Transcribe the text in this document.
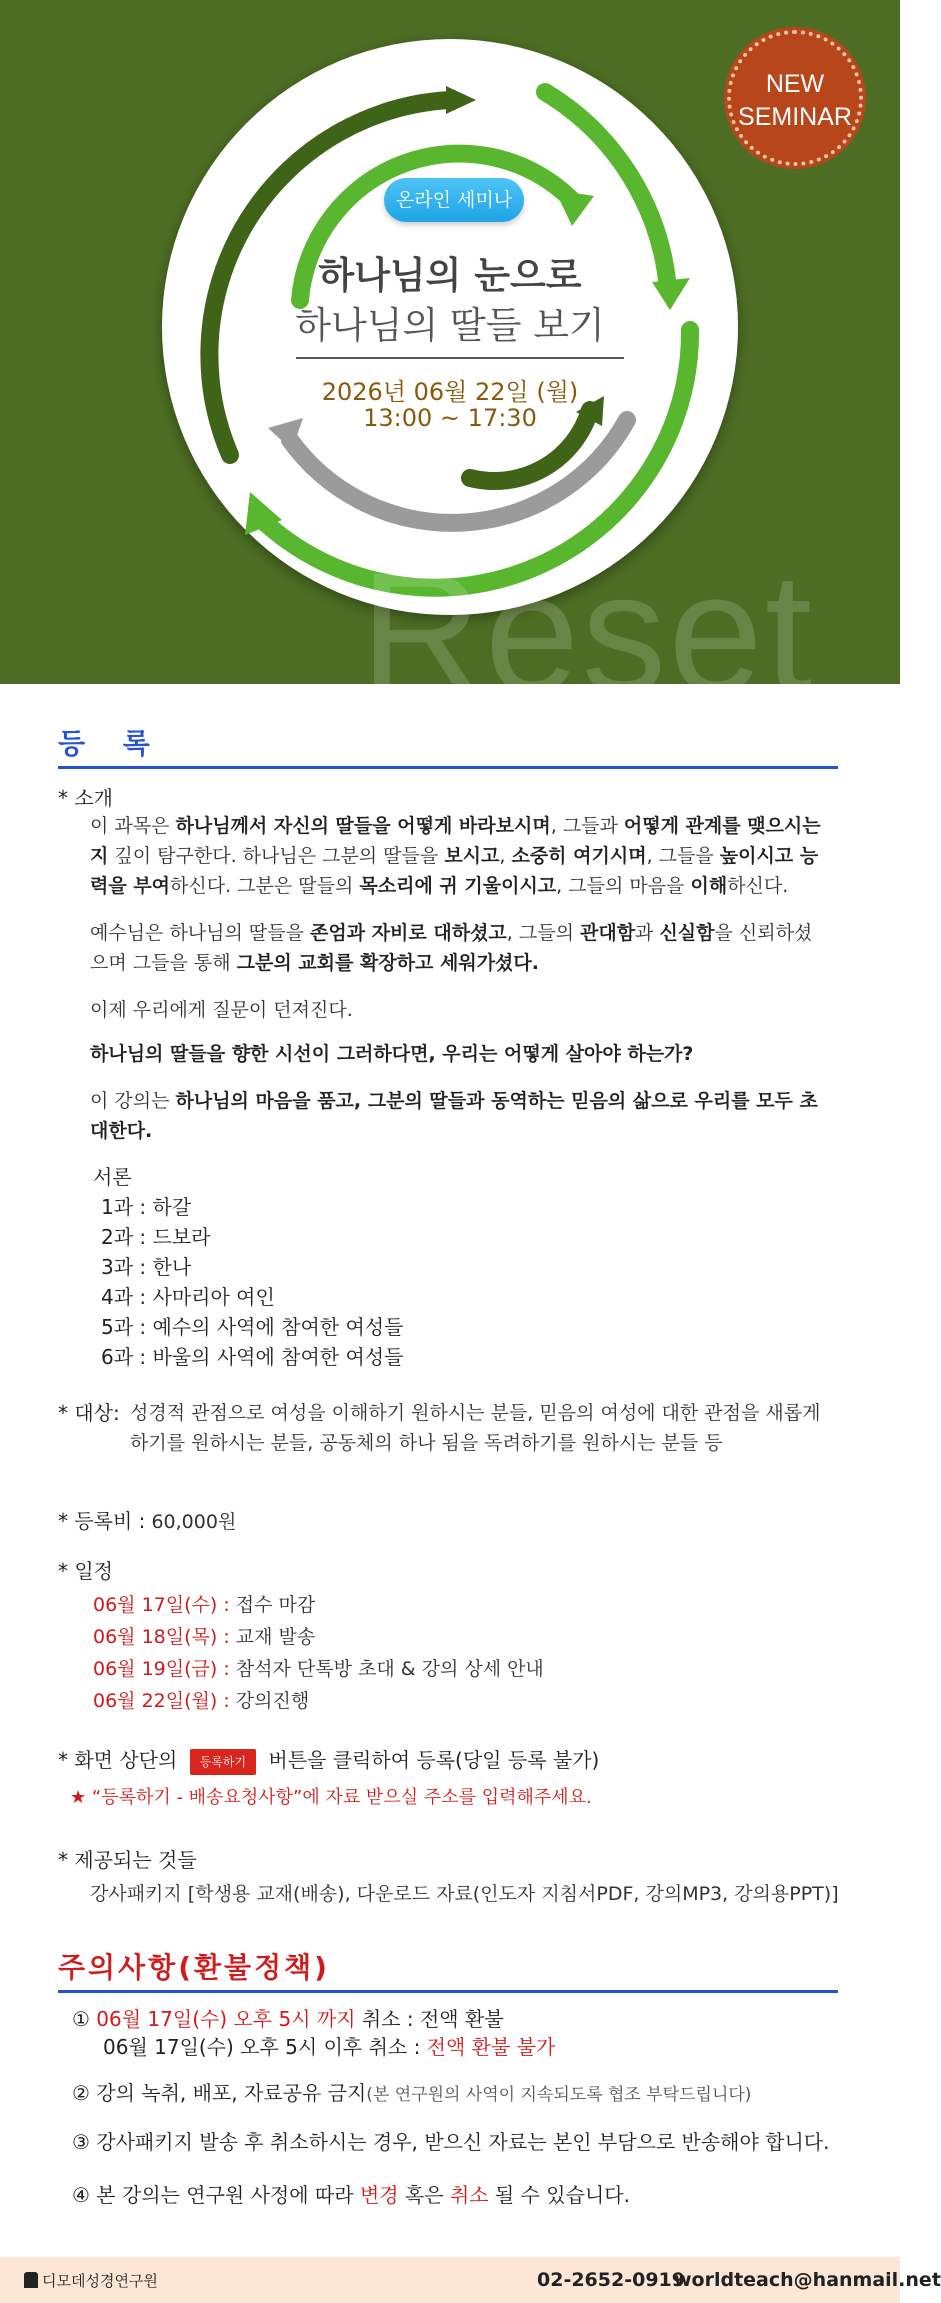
Reset
NEW
SEMINAR
온라인 세미나
하나님의 눈으로
하나님의 딸들 보기
2026년 06월 22일 (월)
13:00 ~ 17:30
등 록
* 소개
이 과목은 하나님께서 자신의 딸들을 어떻게 바라보시며, 그들과 어떻게 관계를 맺으시는지 깊이 탐구한다. 하나님은 그분의 딸들을 보시고, 소중히 여기시며, 그들을 높이시고 능력을 부여하신다. 그분은 딸들의 목소리에 귀 기울이시고, 그들의 마음을 이해하신다.
예수님은 하나님의 딸들을 존엄과 자비로 대하셨고, 그들의 관대함과 신실함을 신뢰하셨으며 그들을 통해 그분의 교회를 확장하고 세워가셨다.
이제 우리에게 질문이 던져진다.
하나님의 딸들을 향한 시선이 그러하다면, 우리는 어떻게 살아야 하는가?
이 강의는 하나님의 마음을 품고, 그분의 딸들과 동역하는 믿음의 삶으로 우리를 모두 초대한다.
서론
1과 : 하갈
2과 : 드보라
3과 : 한나
4과 : 사마리아 여인
5과 : 예수의 사역에 참여한 여성들
6과 : 바울의 사역에 참여한 여성들
* 대상: 성경적 관점으로 여성을 이해하기 원하시는 분들, 믿음의 여성에 대한 관점을 새롭게
하기를 원하시는 분들, 공동체의 하나 됨을 독려하기를 원하시는 분들 등
* 등록비 : 60,000원
* 일정
06월 17일(수) : 접수 마감
06월 18일(목) : 교재 발송
06월 19일(금) : 참석자 단톡방 초대 & 강의 상세 안내
06월 22일(월) : 강의진행
* 화면 상단의 등록하기 버튼을 클릭하여 등록(당일 등록 불가)
★ “등록하기 - 배송요청사항”에 자료 받으실 주소를 입력해주세요.
* 제공되는 것들
강사패키지 [학생용 교재(배송), 다운로드 자료(인도자 지침서PDF, 강의MP3, 강의용PPT)]
주의사항(환불정책)
① 06월 17일(수) 오후 5시 까지 취소 : 전액 환불
06월 17일(수) 오후 5시 이후 취소 : 전액 환불 불가
② 강의 녹취, 배포, 자료공유 금지(본 연구원의 사역이 지속되도록 협조 부탁드립니다)
③ 강사패키지 발송 후 취소하시는 경우, 받으신 자료는 본인 부담으로 반송해야 합니다.
④ 본 강의는 연구원 사정에 따라 변경 혹은 취소 될 수 있습니다.
디모데성경연구원	02-2652-0919
worldteach@hanmail.net
